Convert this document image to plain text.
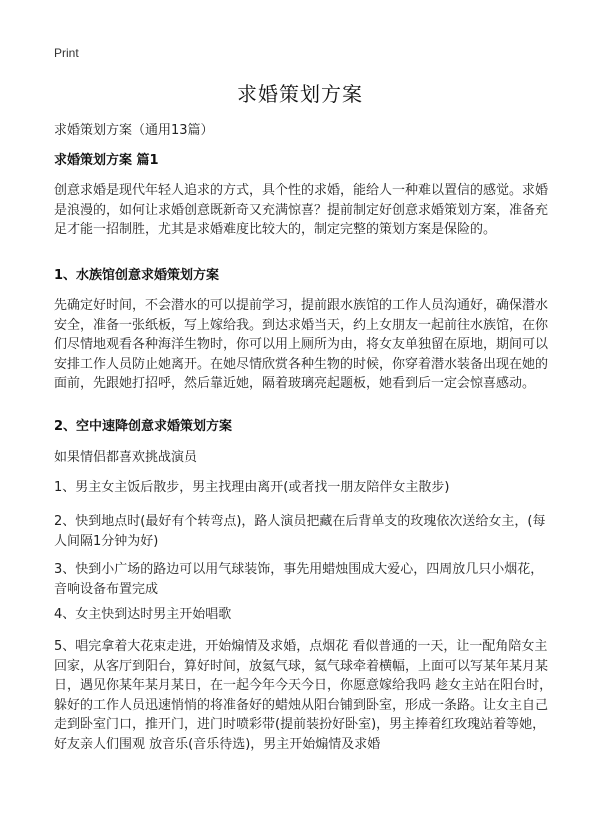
Print
求婚策划方案
求婚策划方案（通用13篇）
求婚策划方案 篇1
创意求婚是现代年轻人追求的方式，具个性的求婚，能给人一种难以置信的感觉。求婚是浪漫的，如何让求婚创意既新奇又充满惊喜？提前制定好创意求婚策划方案，准备充足才能一招制胜，尤其是求婚难度比较大的，制定完整的策划方案是保险的。
1、水族馆创意求婚策划方案
先确定好时间，不会潜水的可以提前学习，提前跟水族馆的工作人员沟通好，确保潜水安全，准备一张纸板，写上嫁给我。到达求婚当天，约上女朋友一起前往水族馆，在你们尽情地观看各种海洋生物时，你可以用上厕所为由，将女友单独留在原地，期间可以安排工作人员防止她离开。在她尽情欣赏各种生物的时候，你穿着潜水装备出现在她的面前，先跟她打招呼，然后靠近她，隔着玻璃亮起题板，她看到后一定会惊喜感动。
2、空中速降创意求婚策划方案
如果情侣都喜欢挑战演员
1、男主女主饭后散步，男主找理由离开(或者找一朋友陪伴女主散步)
2、快到地点时(最好有个转弯点)，路人演员把藏在后背单支的玫瑰依次送给女主，(每人间隔1分钟为好)
3、快到小广场的路边可以用气球装饰，事先用蜡烛围成大爱心，四周放几只小烟花，音响设备布置完成
4、女主快到达时男主开始唱歌
5、唱完拿着大花束走进，开始煽情及求婚，点烟花 看似普通的一天，让一配角陪女主回家，从客厅到阳台，算好时间，放氦气球，氦气球牵着横幅，上面可以写某年某月某日，遇见你某年某月某日，在一起今年今天今日，你愿意嫁给我吗 趁女主站在阳台时，躲好的工作人员迅速悄悄的将准备好的蜡烛从阳台铺到卧室，形成一条路。让女主自己走到卧室门口，推开门，进门时喷彩带(提前装扮好卧室)，男主捧着红玫瑰站着等她，好友亲人们围观 放音乐(音乐待选)，男主开始煽情及求婚
